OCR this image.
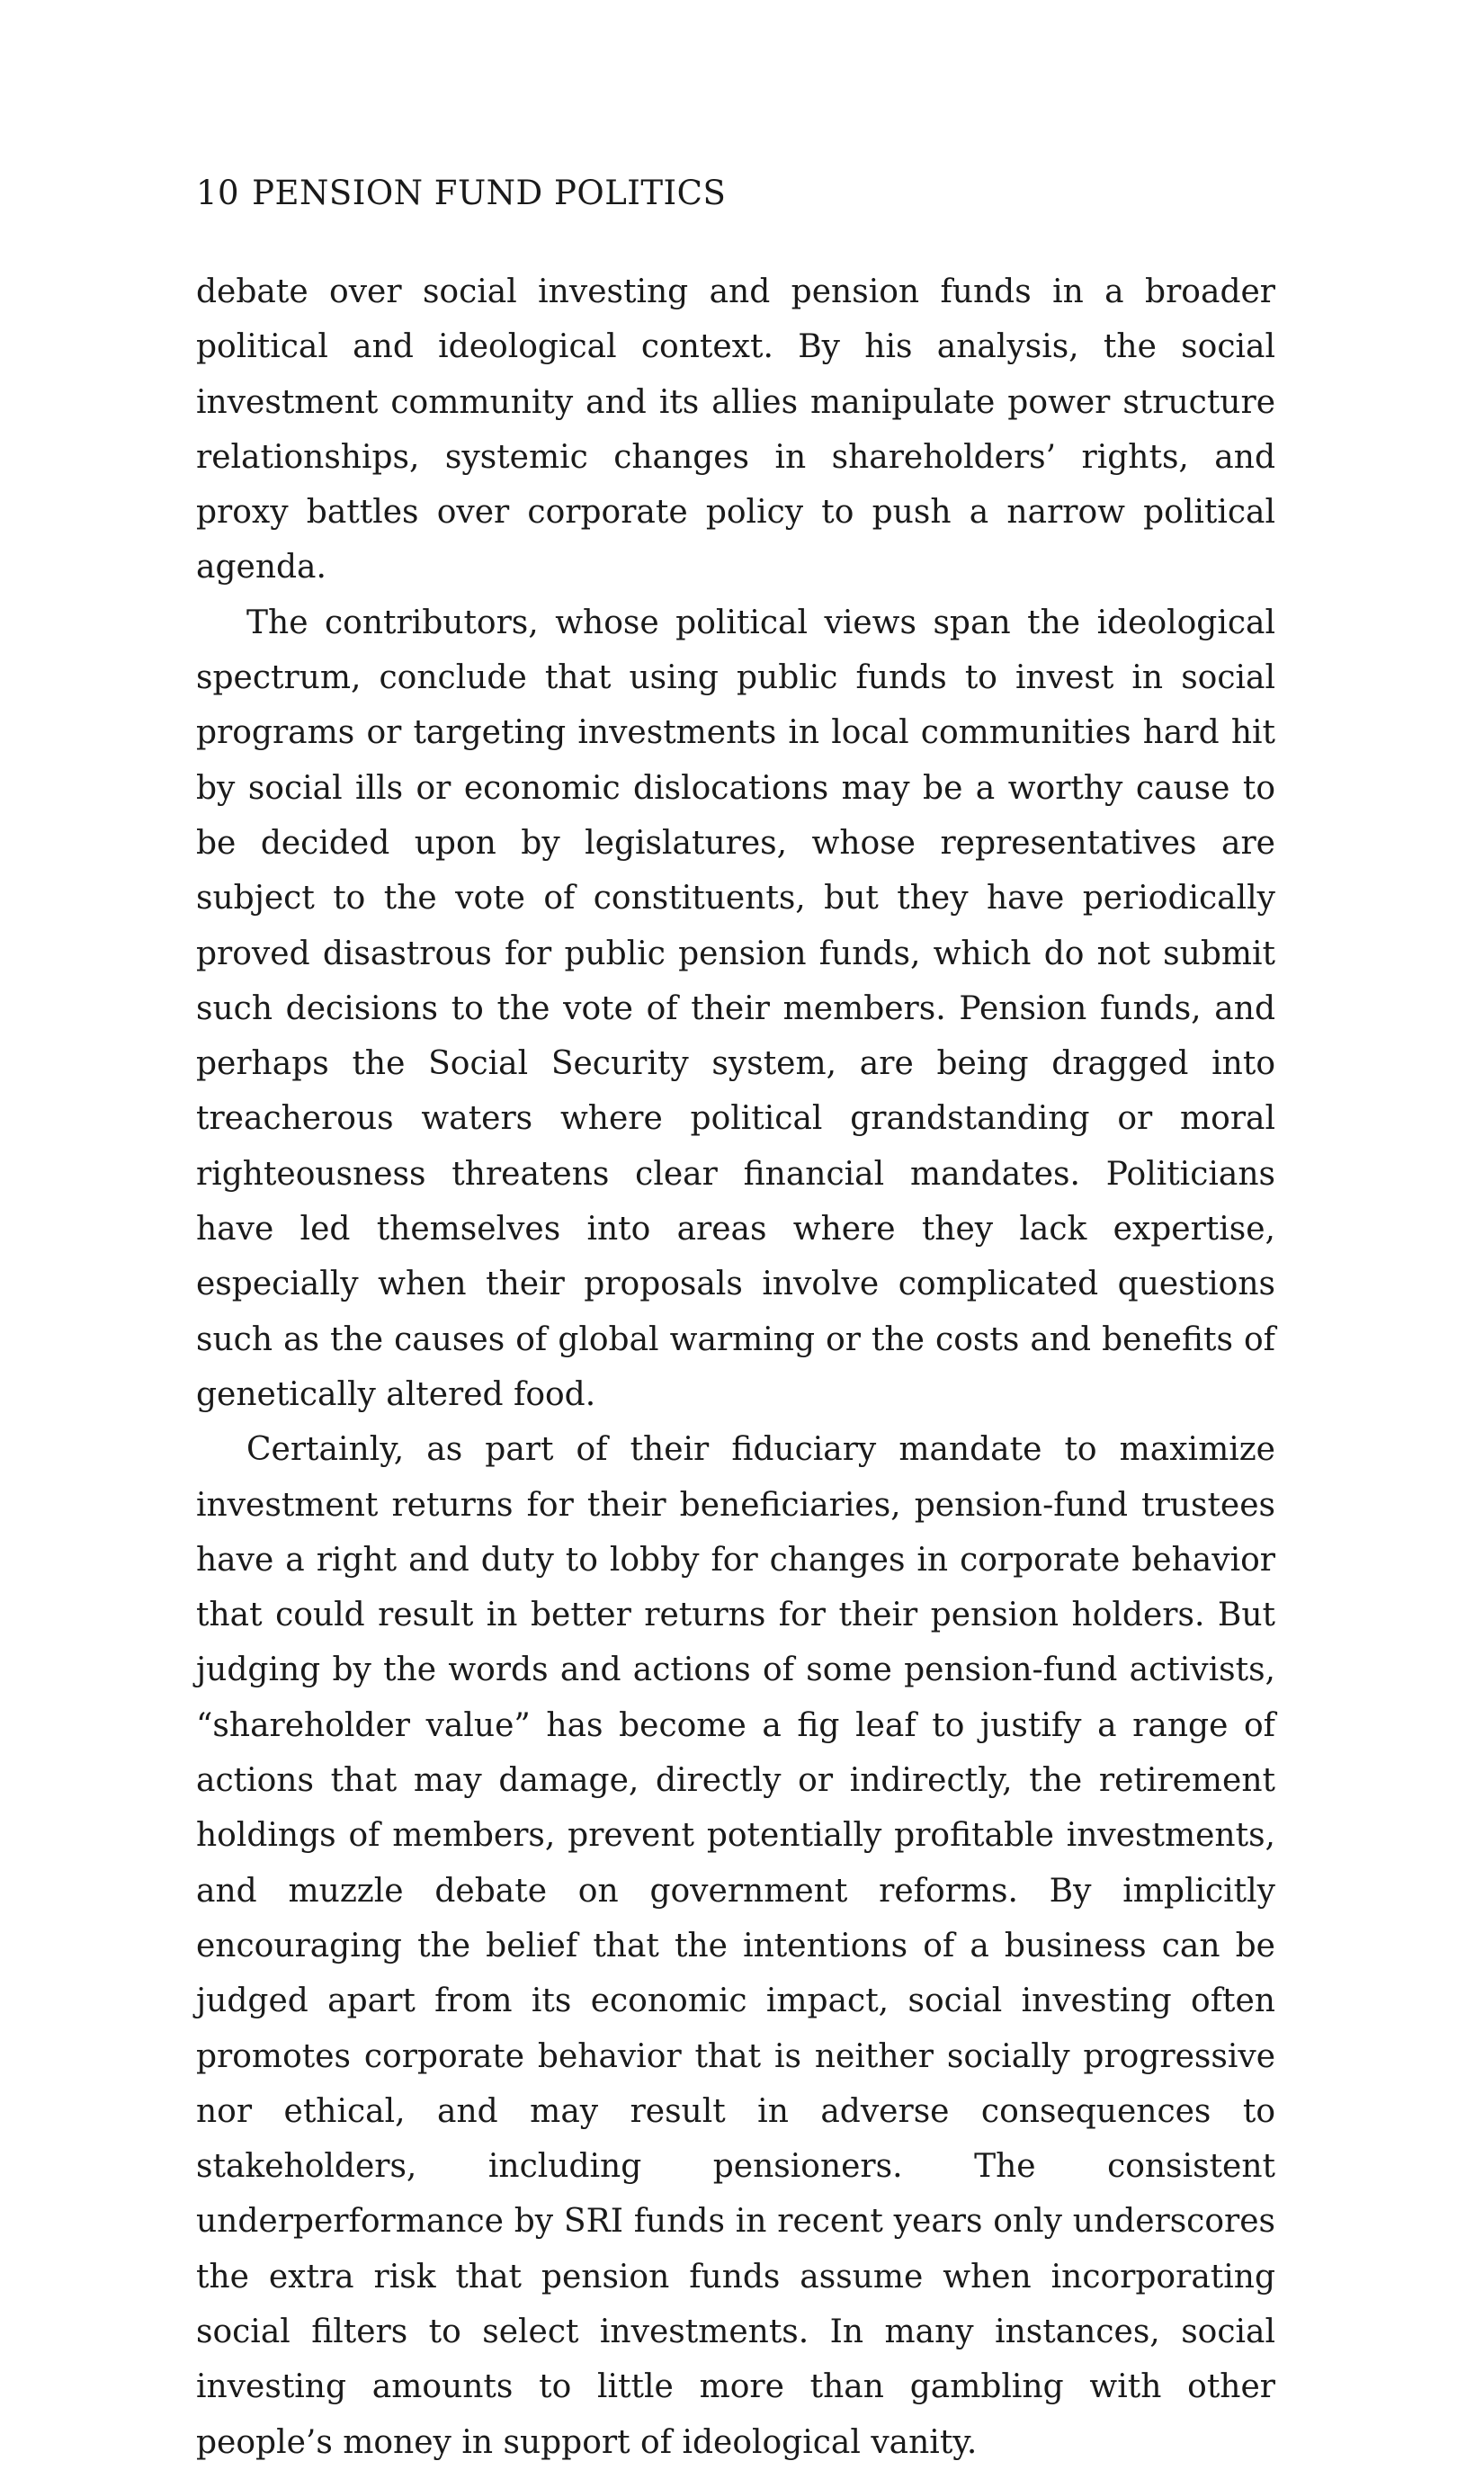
10 PENSION FUND POLITICS

debate over social investing and pension funds in a broader political and ideological context. By his analysis, the social investment community and its allies manipulate power structure relationships, systemic changes in shareholders’ rights, and proxy battles over corporate policy to push a narrow political agenda.

The contributors, whose political views span the ideological spectrum, conclude that using public funds to invest in social programs or targeting investments in local communities hard hit by social ills or economic dislocations may be a worthy cause to be decided upon by legislatures, whose representatives are subject to the vote of constituents, but they have periodically proved disastrous for public pension funds, which do not submit such decisions to the vote of their members. Pension funds, and perhaps the Social Security system, are being dragged into treacherous waters where political grandstanding or moral righteousness threatens clear financial mandates. Politicians have led themselves into areas where they lack expertise, especially when their proposals involve complicated questions such as the causes of global warming or the costs and benefits of genetically altered food.

Certainly, as part of their fiduciary mandate to maximize investment returns for their beneficiaries, pension-fund trustees have a right and duty to lobby for changes in corporate behavior that could result in better returns for their pension holders. But judging by the words and actions of some pension-fund activists, “shareholder value” has become a fig leaf to justify a range of actions that may damage, directly or indirectly, the retirement holdings of members, prevent potentially profitable investments, and muzzle debate on government reforms. By implicitly encouraging the belief that the intentions of a business can be judged apart from its economic impact, social investing often promotes corporate behavior that is neither socially progressive nor ethical, and may result in adverse consequences to stakeholders, including pensioners. The consistent underperformance by SRI funds in recent years only underscores the extra risk that pension funds assume when incorporating social filters to select investments. In many instances, social investing amounts to little more than gambling with other people’s money in support of ideological vanity.
